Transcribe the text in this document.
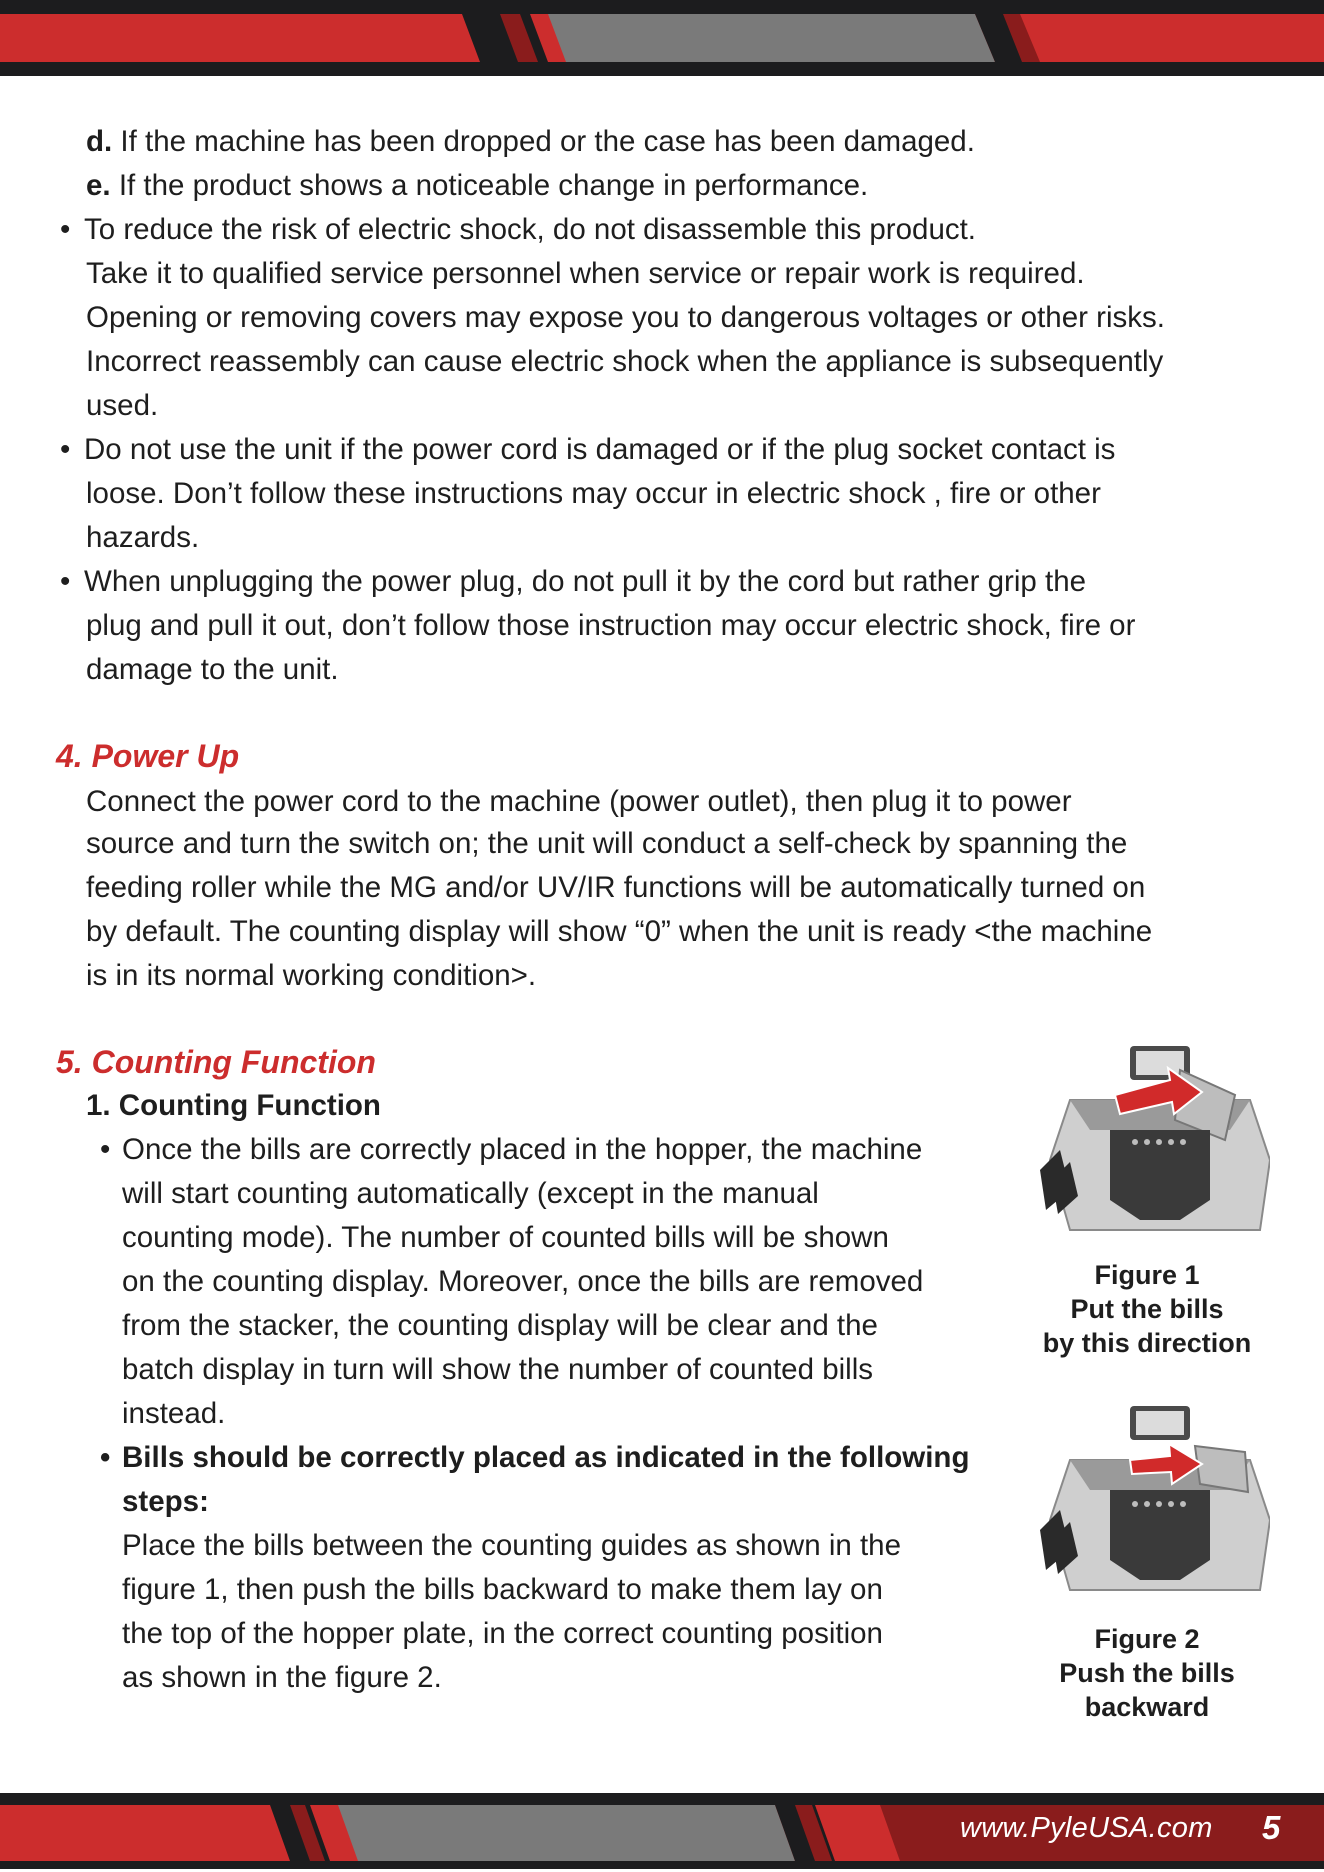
d. If the machine has been dropped or the case has been damaged.

e. If the product shows a noticeable change in performance.

• To reduce the risk of electric shock, do not disassemble this product.

Take it to qualified service personnel when service or repair work is required.

Opening or removing covers may expose you to dangerous voltages or other risks.

Incorrect reassembly can cause electric shock when the appliance is subsequently

used.

• Do not use the unit if the power cord is damaged or if the plug socket contact is

loose. Don’t follow these instructions may occur in electric shock , fire or other

hazards.

• When unplugging the power plug, do not pull it by the cord but rather grip the

plug and pull it out, don’t follow those instruction may occur electric shock, fire or

damage to the unit.

4. Power Up

Connect the power cord to the machine (power outlet), then plug it to power

source and turn the switch on; the unit will conduct a self-check by spanning the

feeding roller while the MG and/or UV/IR functions will be automatically turned on

by default. The counting display will show “0” when the unit is ready <the machine

is in its normal working condition>.

5. Counting Function

1. Counting Function

• Once the bills are correctly placed in the hopper, the machine

will start counting automatically (except in the manual

counting mode). The number of counted bills will be shown

on the counting display. Moreover, once the bills are removed

from the stacker, the counting display will be clear and the

batch display in turn will show the number of counted bills

instead.

• Bills should be correctly placed as indicated in the following

steps:

Place the bills between the counting guides as shown in the

figure 1, then push the bills backward to make them lay on

the top of the hopper plate, in the correct counting position

as shown in the figure 2.

Figure 1
Put the bills
by this direction
Figure 2
Push the bills
backward
www.PyleUSA.com	5
